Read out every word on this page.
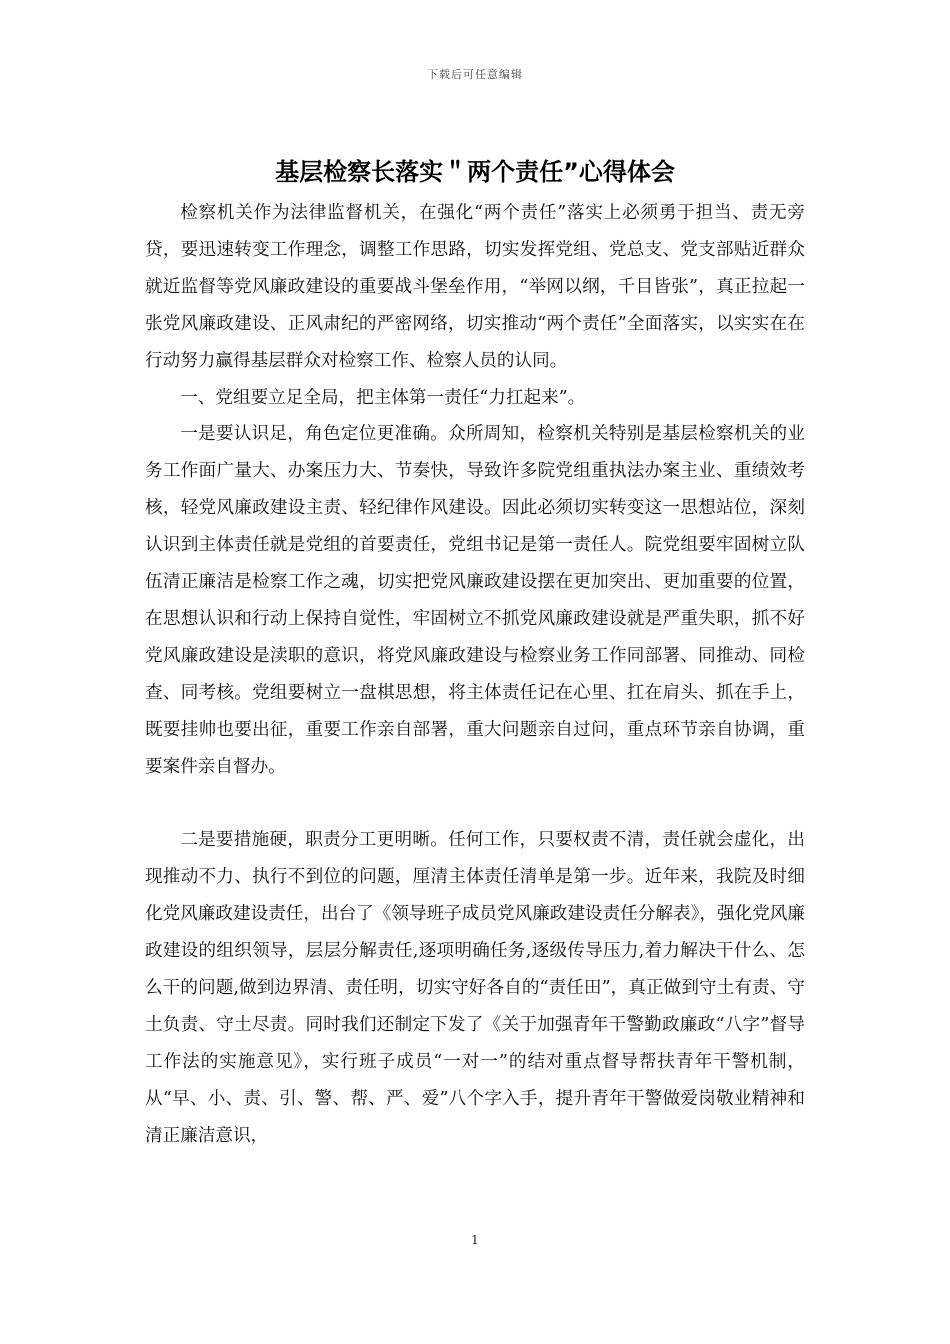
下载后可任意编辑
基层检察长落实＂两个责任”心得体会

检察机关作为法律监督机关，在强化“两个责任”落实上必须勇于担当、责无旁贷，要迅速转变工作理念，调整工作思路，切实发挥党组、党总支、党支部贴近群众就近监督等党风廉政建设的重要战斗堡垒作用，“举网以纲，千目皆张”，真正拉起一张党风廉政建设、正风肃纪的严密网络，切实推动“两个责任”全面落实，以实实在在行动努力赢得基层群众对检察工作、检察人员的认同。

一、党组要立足全局，把主体第一责任“力扛起来”。

一是要认识足，角色定位更准确。众所周知，检察机关特别是基层检察机关的业务工作面广量大、办案压力大、节奏快，导致许多院党组重执法办案主业、重绩效考核，轻党风廉政建设主责、轻纪律作风建设。因此必须切实转变这一思想站位，深刻认识到主体责任就是党组的首要责任，党组书记是第一责任人。院党组要牢固树立队伍清正廉洁是检察工作之魂，切实把党风廉政建设摆在更加突出、更加重要的位置，在思想认识和行动上保持自觉性，牢固树立不抓党风廉政建设就是严重失职，抓不好党风廉政建设是渎职的意识，将党风廉政建设与检察业务工作同部署、同推动、同检查、同考核。党组要树立一盘棋思想，将主体责任记在心里、扛在肩头、抓在手上，既要挂帅也要出征，重要工作亲自部署，重大问题亲自过问，重点环节亲自协调，重要案件亲自督办。

二是要措施硬，职责分工更明晰。任何工作，只要权责不清，责任就会虚化，出现推动不力、执行不到位的问题，厘清主体责任清单是第一步。近年来，我院及时细化党风廉政建设责任，出台了《领导班子成员党风廉政建设责任分解表》，强化党风廉政建设的组织领导，层层分解责任,逐项明确任务,逐级传导压力,着力解决干什么、怎么干的问题,做到边界清、责任明，切实守好各自的“责任田”，真正做到守土有责、守土负责、守土尽责。同时我们还制定下发了《关于加强青年干警勤政廉政“八字”督导工作法的实施意见》，实行班子成员“一对一”的结对重点督导帮扶青年干警机制，从“早、小、责、引、警、帮、严、爱”八个字入手，提升青年干警做爱岗敬业精神和清正廉洁意识，

1
